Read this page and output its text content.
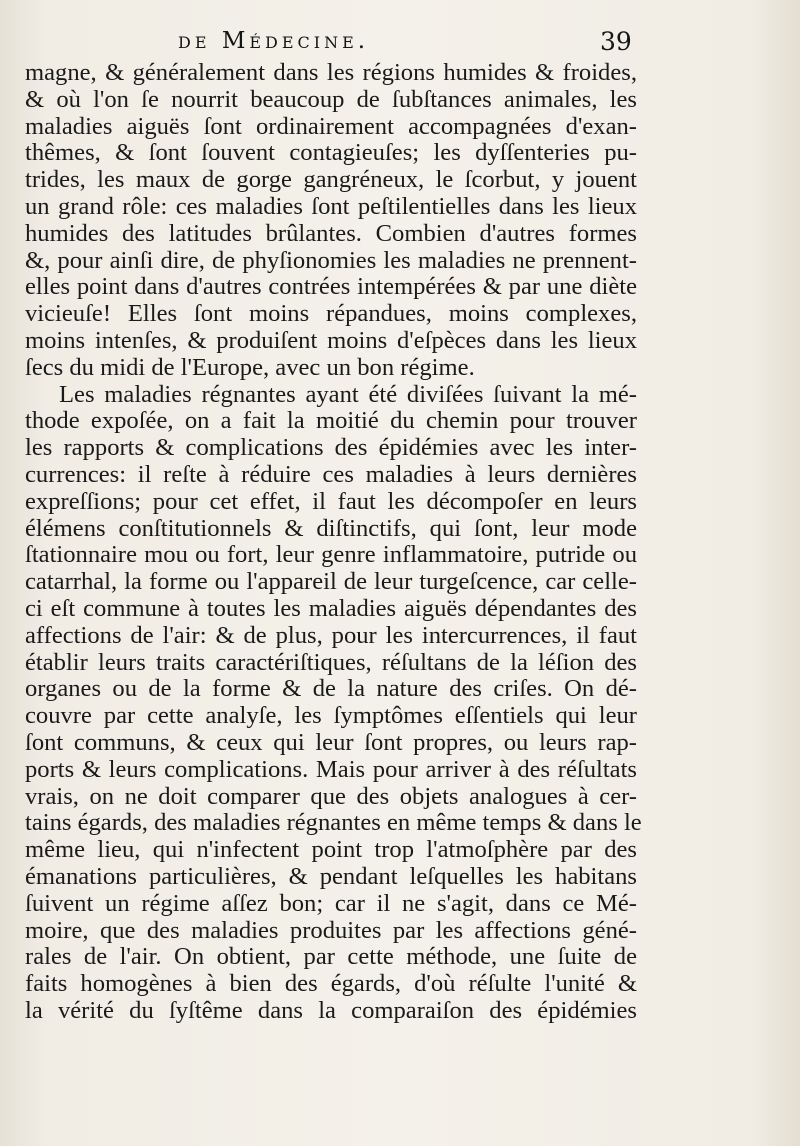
de Médecine.	39
magne, & généralement dans les régions humides & froides,
& où l'on ſe nourrit beaucoup de ſubſtances animales, les
maladies aiguës ſont ordinairement accompagnées d'exan-
thêmes, & ſont ſouvent contagieuſes; les dyſſenteries pu-
trides, les maux de gorge gangréneux, le ſcorbut, y jouent
un grand rôle: ces maladies ſont peſtilentielles dans les lieux
humides des latitudes brûlantes. Combien d'autres formes
&, pour ainſi dire, de phyſionomies les maladies ne prennent-
elles point dans d'autres contrées intempérées & par une diète
vicieuſe! Elles ſont moins répandues, moins complexes,
moins intenſes, & produiſent moins d'eſpèces dans les lieux
ſecs du midi de l'Europe, avec un bon régime.
Les maladies régnantes ayant été diviſées ſuivant la mé-
thode expoſée, on a fait la moitié du chemin pour trouver
les rapports & complications des épidémies avec les inter-
currences: il reſte à réduire ces maladies à leurs dernières
expreſſions; pour cet effet, il faut les décompoſer en leurs
élémens conſtitutionnels & diſtinctifs, qui ſont, leur mode
ſtationnaire mou ou fort, leur genre inflammatoire, putride ou
catarrhal, la forme ou l'appareil de leur turgeſcence, car celle-
ci eſt commune à toutes les maladies aiguës dépendantes des
affections de l'air: & de plus, pour les intercurrences, il faut
établir leurs traits caractériſtiques, réſultans de la léſion des
organes ou de la forme & de la nature des criſes. On dé-
couvre par cette analyſe, les ſymptômes eſſentiels qui leur
ſont communs, & ceux qui leur ſont propres, ou leurs rap-
ports & leurs complications. Mais pour arriver à des réſultats
vrais, on ne doit comparer que des objets analogues à cer-
tains égards, des maladies régnantes en même temps & dans le
même lieu, qui n'infectent point trop l'atmoſphère par des
émanations particulières, & pendant leſquelles les habitans
ſuivent un régime aſſez bon; car il ne s'agit, dans ce Mé-
moire, que des maladies produites par les affections géné-
rales de l'air. On obtient, par cette méthode, une ſuite de
faits homogènes à bien des égards, d'où réſulte l'unité &
la vérité du ſyſtême dans la comparaiſon des épidémies
